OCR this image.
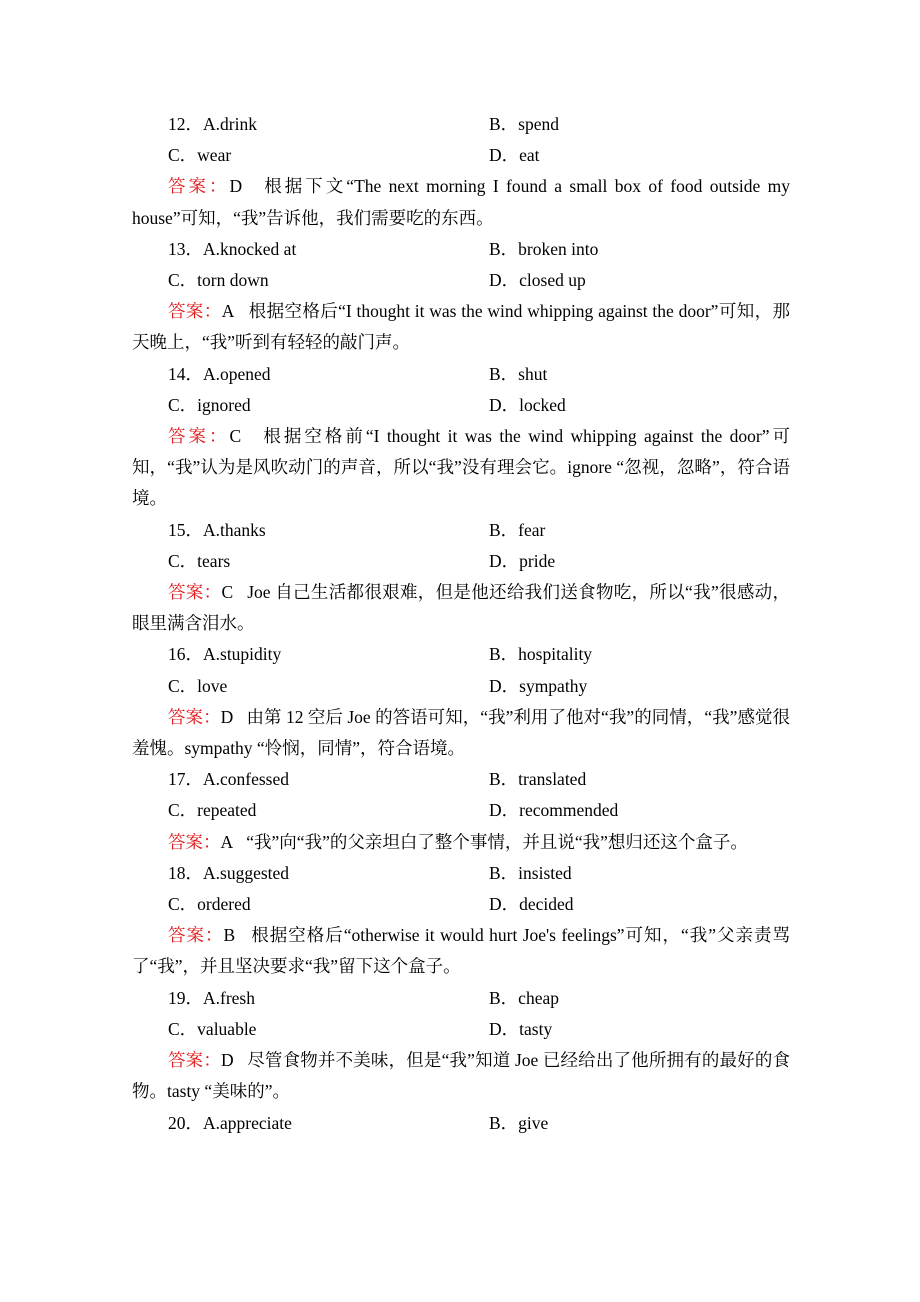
12．A.drink	B．spend
C．wear	D．eat
答案：D 根据下文“The next morning I found a small box of food outside my house”可知，“我”告诉他，我们需要吃的东西。
13．A.knocked at	B．broken into
C．torn down	D．closed up
答案：A 根据空格后“I thought it was the wind whipping against the door”可知，那天晚上，“我”听到有轻轻的敲门声。
14．A.opened	B．shut
C．ignored	D．locked
答案：C 根据空格前“I thought it was the wind whipping against the door”可知，“我”认为是风吹动门的声音，所以“我”没有理会它。ignore “忽视，忽略”，符合语境。
15．A.thanks	B．fear
C．tears	D．pride
答案：C Joe 自己生活都很艰难，但是他还给我们送食物吃，所以“我”很感动，眼里满含泪水。
16．A.stupidity	B．hospitality
C．love	D．sympathy
答案：D 由第 12 空后 Joe 的答语可知，“我”利用了他对“我”的同情，“我”感觉很羞愧。sympathy “怜悯，同情”，符合语境。
17．A.confessed	B．translated
C．repeated	D．recommended
答案：A “我”向“我”的父亲坦白了整个事情，并且说“我”想归还这个盒子。
18．A.suggested	B．insisted
C．ordered	D．decided
答案：B 根据空格后“otherwise it would hurt Joe's feelings”可知，“我”父亲责骂了“我”，并且坚决要求“我”留下这个盒子。
19．A.fresh	B．cheap
C．valuable	D．tasty
答案：D 尽管食物并不美味，但是“我”知道 Joe 已经给出了他所拥有的最好的食物。tasty “美味的”。
20．A.appreciate	B．give
